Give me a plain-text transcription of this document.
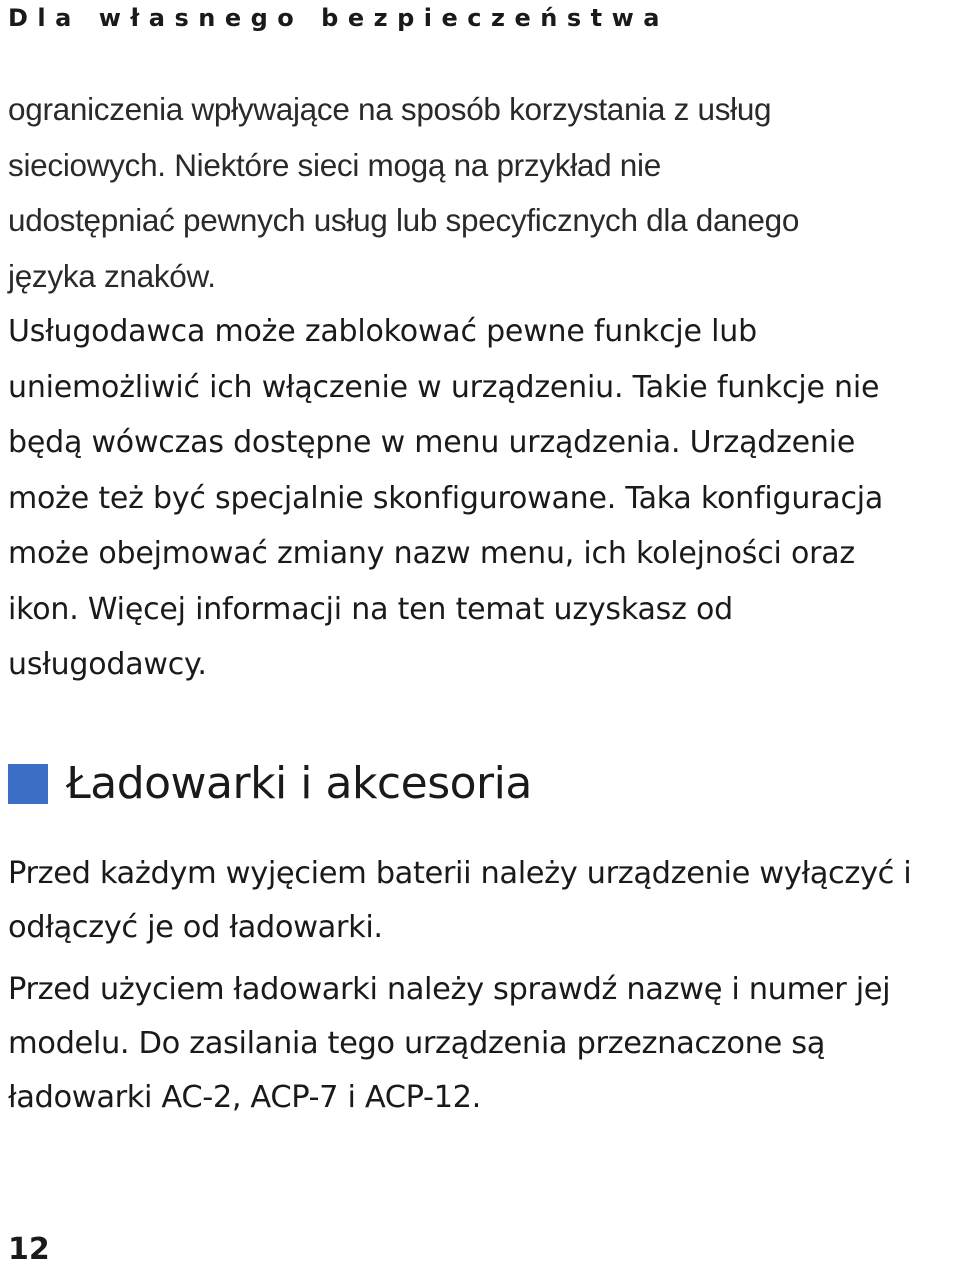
Dla własnego bezpieczeństwa

ograniczenia wpływające na sposób korzystania z usług
sieciowych. Niektóre sieci mogą na przykład nie
udostępniać pewnych usług lub specyficznych dla danego
języka znaków.

Usługodawca może zablokować pewne funkcje lub
uniemożliwić ich włączenie w urządzeniu. Takie funkcje nie
będą wówczas dostępne w menu urządzenia. Urządzenie
może też być specjalnie skonfigurowane. Taka konfiguracja
może obejmować zmiany nazw menu, ich kolejności oraz
ikon. Więcej informacji na ten temat uzyskasz od
usługodawcy.

Ładowarki i akcesoria

Przed każdym wyjęciem baterii należy urządzenie wyłączyć i
odłączyć je od ładowarki.

Przed użyciem ładowarki należy sprawdź nazwę i numer jej
modelu. Do zasilania tego urządzenia przeznaczone są
ładowarki AC-2, ACP-7 i ACP-12.

12
